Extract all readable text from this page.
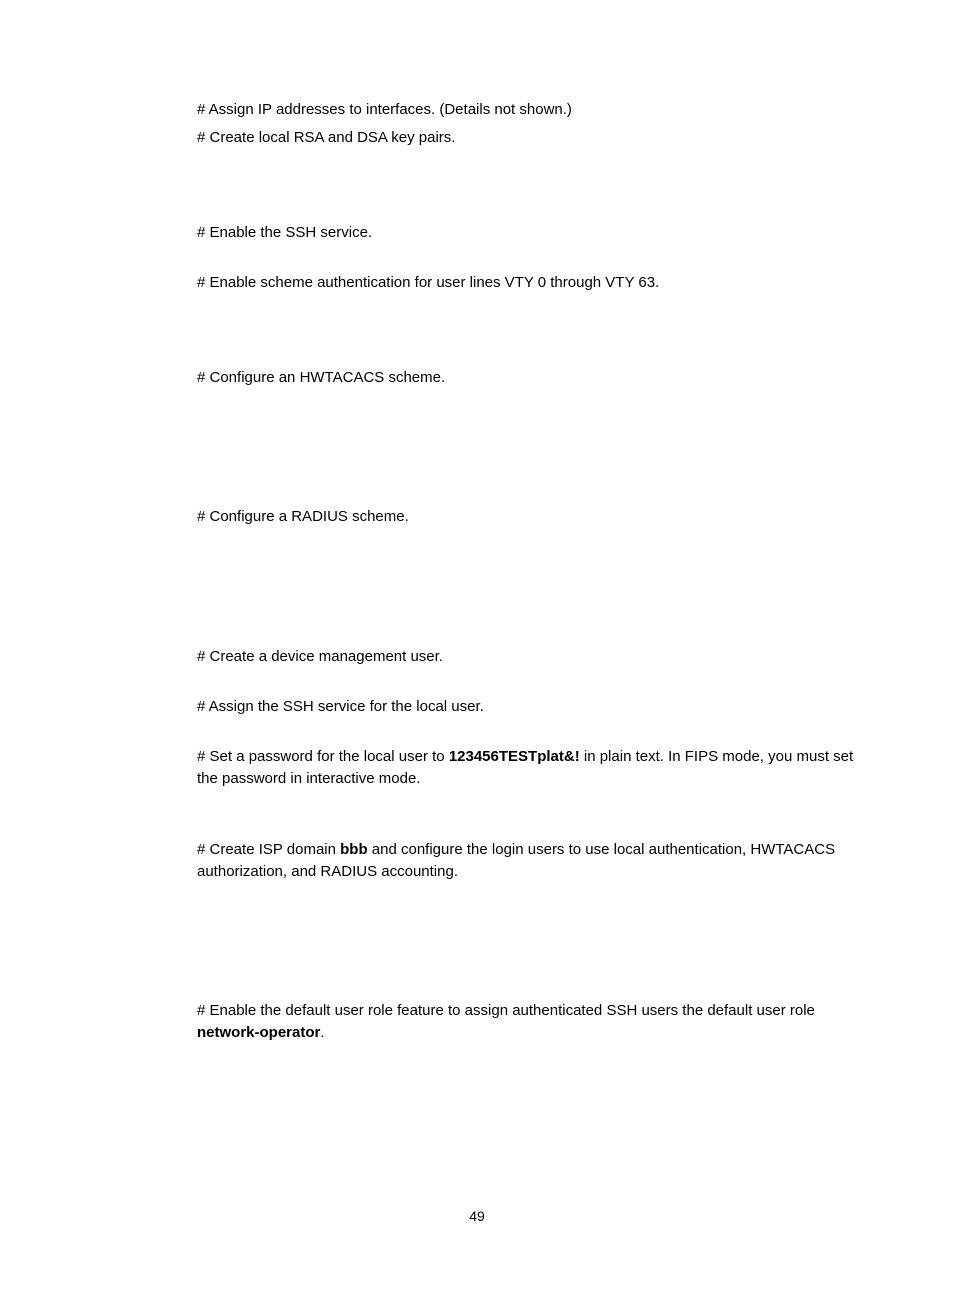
# Assign IP addresses to interfaces. (Details not shown.)

# Create local RSA and DSA key pairs.

# Enable the SSH service.

# Enable scheme authentication for user lines VTY 0 through VTY 63.

# Configure an HWTACACS scheme.

# Configure a RADIUS scheme.

# Create a device management user.

# Assign the SSH service for the local user.

# Set a password for the local user to 123456TESTplat&! in plain text. In FIPS mode, you must set the password in interactive mode.

# Create ISP domain bbb and configure the login users to use local authentication, HWTACACS authorization, and RADIUS accounting.

# Enable the default user role feature to assign authenticated SSH users the default user role network-operator.

49
